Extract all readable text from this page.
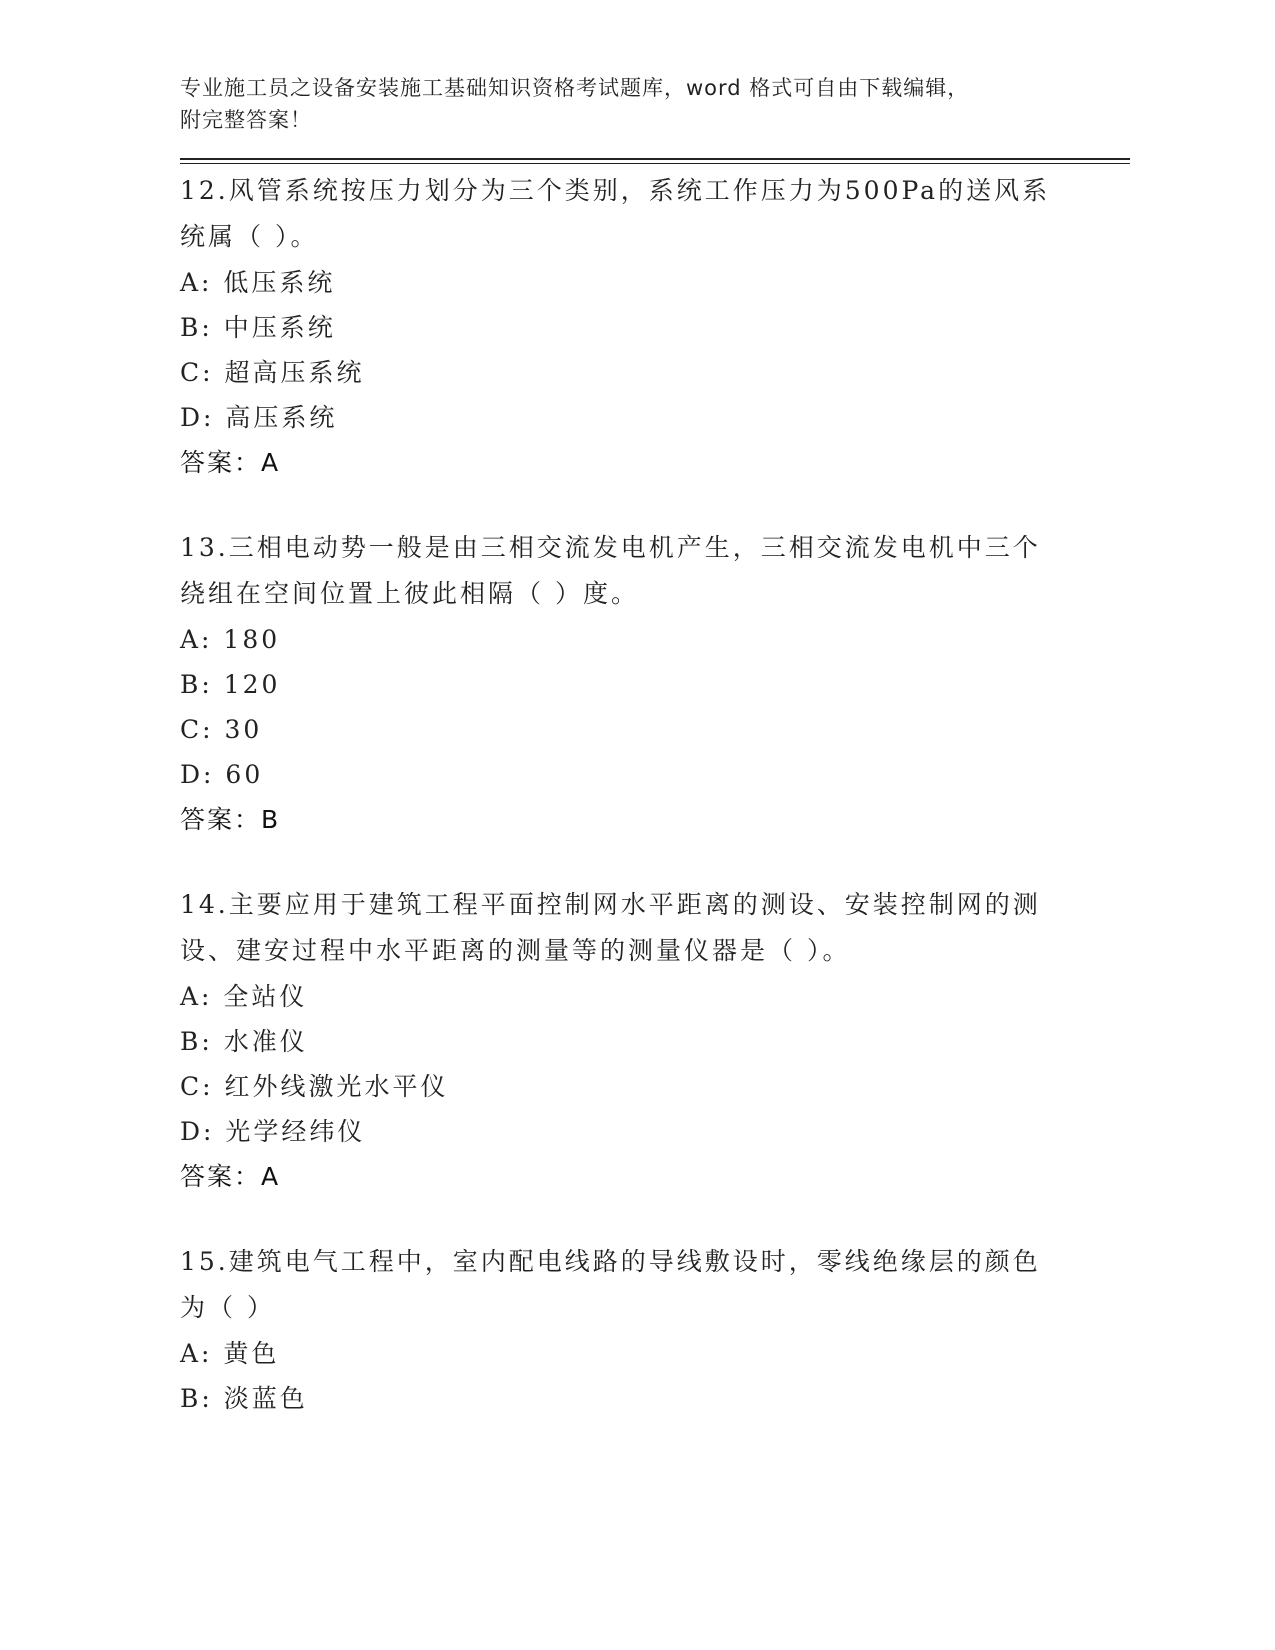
专业施工员之设备安装施工基础知识资格考试题库，word 格式可自由下载编辑，
附完整答案！
12.风管系统按压力划分为三个类别，系统工作压力为500Pa的送风系
统属（ ）。
A: 低压系统
B: 中压系统
C: 超高压系统
D: 高压系统
答案：A
13.三相电动势一般是由三相交流发电机产生，三相交流发电机中三个
绕组在空间位置上彼此相隔（ ）度。
A: 180
B: 120
C: 30
D: 60
答案：B
14.主要应用于建筑工程平面控制网水平距离的测设、安装控制网的测
设、建安过程中水平距离的测量等的测量仪器是（ ）。
A: 全站仪
B: 水准仪
C: 红外线激光水平仪
D: 光学经纬仪
答案：A
15.建筑电气工程中，室内配电线路的导线敷设时，零线绝缘层的颜色
为（ ）
A: 黄色
B: 淡蓝色
